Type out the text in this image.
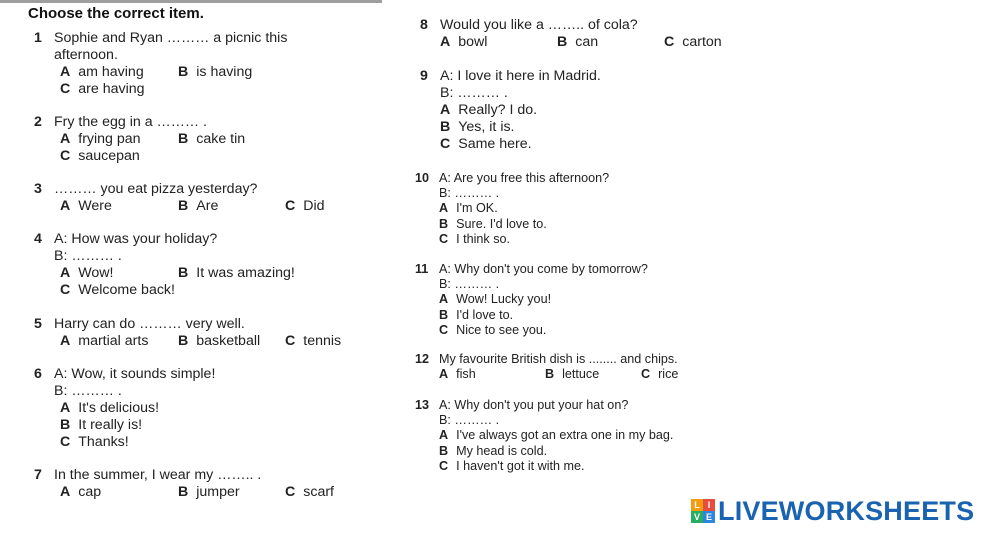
Choose the correct item.
1 Sophie and Ryan ……… a picnic this
afternoon.
A am having B is having
C are having
2 Fry the egg in a ……… .
A frying pan	B cake tin
C saucepan
3 ……… you eat pizza yesterday?
A Were	B Are	C Did
4 A: How was your holiday?
B: ……… .
A Wow!	B It was amazing!
C Welcome back!
5 Harry can do ……… very well.
A martial arts B basketball C tennis
6 A: Wow, it sounds simple!
B: ……… .
A It's delicious!
B It really is!
C Thanks!
7 In the summer, I wear my …….. .
A cap	B jumper	C scarf
8 Would you like a …….. of cola?
A bowl	B can	C carton
9 A: I love it here in Madrid.
B: ……… .
A Really? I do.
B Yes, it is.
C Same here.
10 A: Are you free this afternoon?
B: ……… .
A I'm OK.
B Sure. I'd love to.
C I think so.
11 A: Why don't you come by tomorrow?
B: ……… .
A Wow! Lucky you!
B I'd love to.
C Nice to see you.
12 My favourite British dish is ........ and chips.
A fish	B lettuce	C rice
13 A: Why don't you put your hat on?
B: ……… .
A I've always got an extra one in my bag.
B My head is cold.
C I haven't got it with me.
L I
V E LIVEWORKSHEETS
